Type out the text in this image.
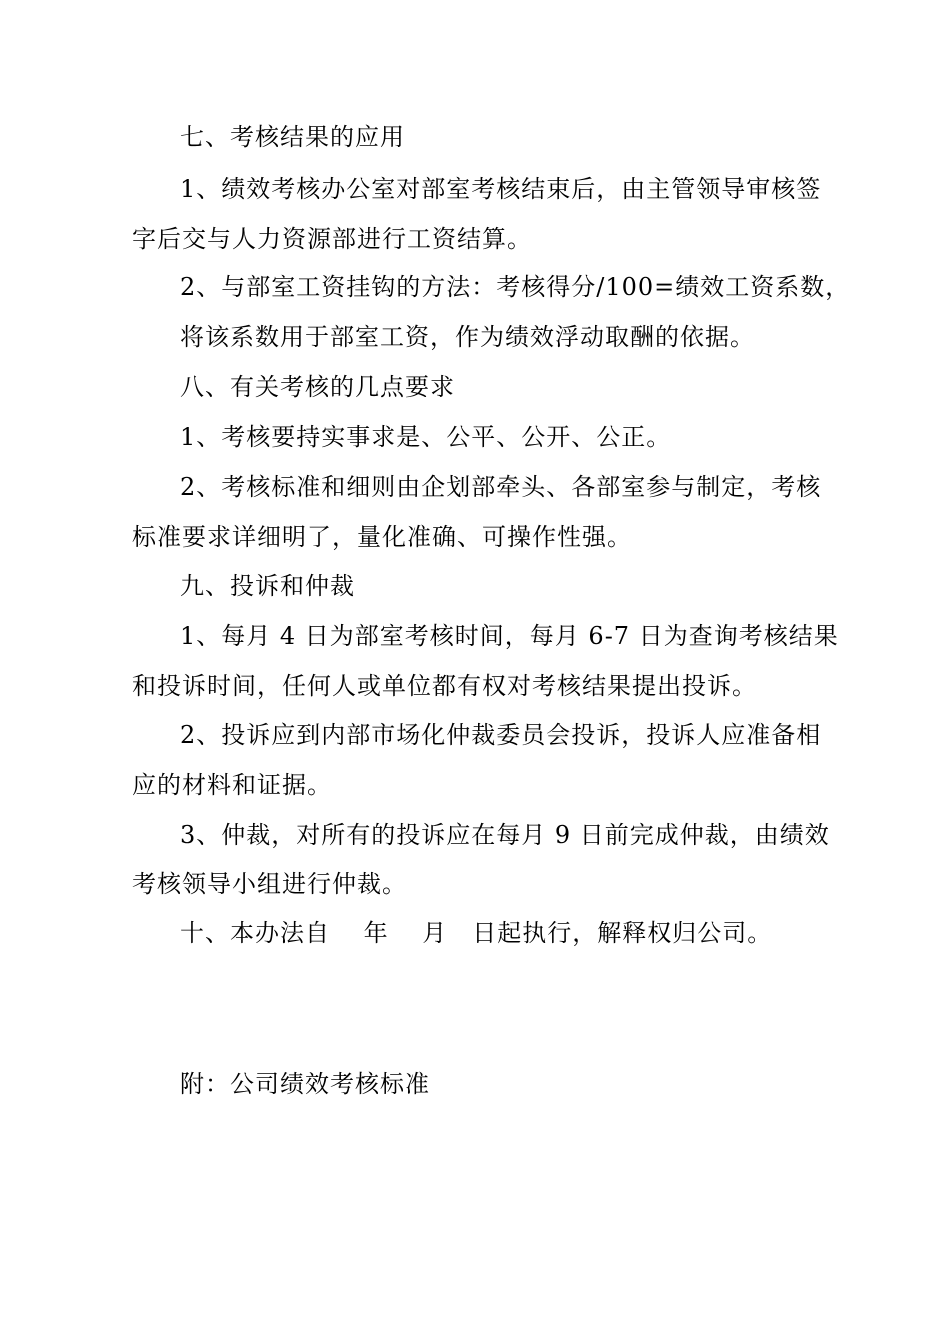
七、考核结果的应用
1、绩效考核办公室对部室考核结束后，由主管领导审核签
字后交与人力资源部进行工资结算。
2、与部室工资挂钩的方法：考核得分/100=绩效工资系数，
将该系数用于部室工资，作为绩效浮动取酬的依据。
八、有关考核的几点要求
1、考核要持实事求是、公平、公开、公正。
2、考核标准和细则由企划部牵头、各部室参与制定，考核
标准要求详细明了，量化准确、可操作性强。
九、投诉和仲裁
1、每月 4 日为部室考核时间，每月 6-7 日为查询考核结果
和投诉时间，任何人或单位都有权对考核结果提出投诉。
2、投诉应到内部市场化仲裁委员会投诉，投诉人应准备相
应的材料和证据。
3、仲裁，对所有的投诉应在每月 9 日前完成仲裁，由绩效
考核领导小组进行仲裁。
十、本办法自　 年　 月　日起执行，解释权归公司。
附：公司绩效考核标准
